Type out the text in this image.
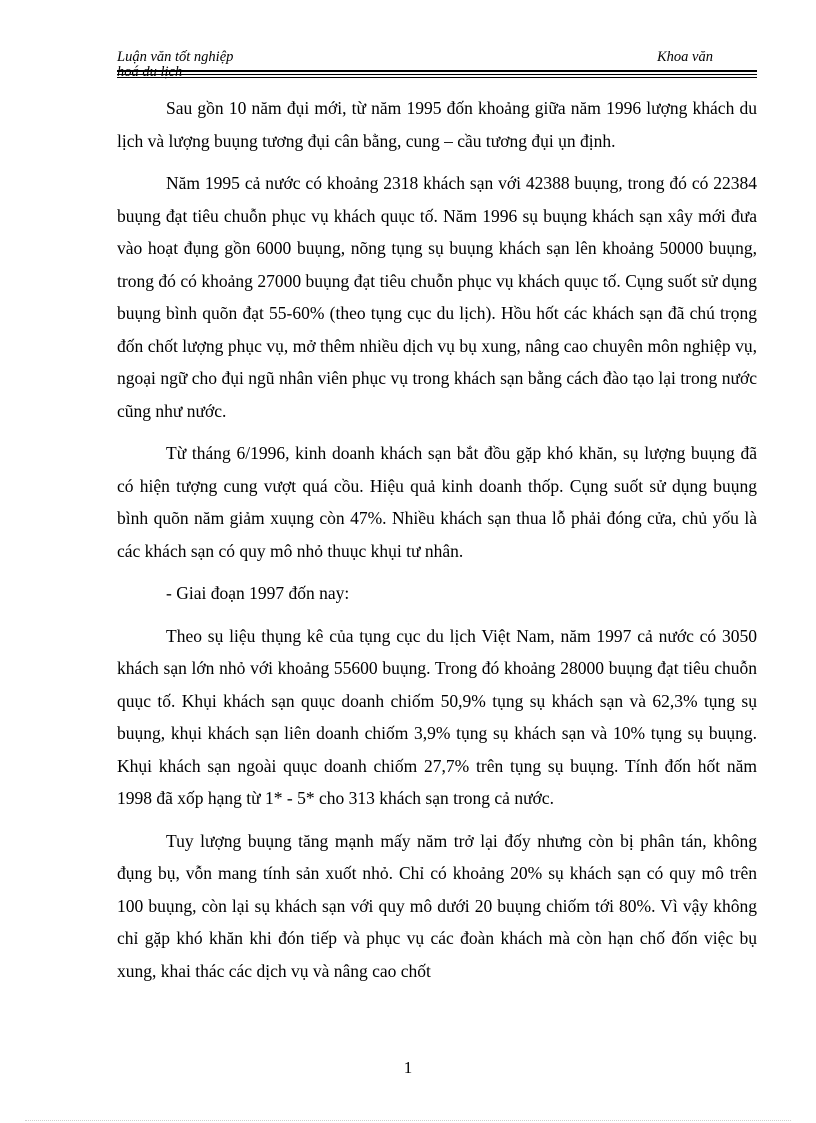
Luận văn tốt nghiệp
hoá du lịch
Khoa văn

Sau gồn 10 năm đụi mới, từ năm 1995 đốn khoảng giữa năm 1996 lượng khách du lịch và lượng buụng tương đụi cân bằng, cung – cầu tương đụi ụn định.

Năm 1995 cả nước có khoảng 2318 khách sạn với 42388 buụng, trong đó có 22384 buụng đạt tiêu chuỗn phục vụ khách quục tố. Năm 1996 sụ buụng khách sạn xây mới đưa vào hoạt đụng gồn 6000 buụng, nõng tụng sụ buụng khách sạn lên khoảng 50000 buụng, trong đó có khoảng 27000 buụng đạt tiêu chuỗn phục vụ khách quục tố. Cụng suốt sử dụng buụng bình quõn đạt 55-60% (theo tụng cục du lịch). Hồu hốt các khách sạn đã chú trọng đốn chốt lượng phục vụ, mở thêm nhiều dịch vụ bụ xung, nâng cao chuyên môn nghiệp vụ, ngoại ngữ cho đụi ngũ nhân viên phục vụ trong khách sạn bằng cách đào tạo lại trong nước cũng như nước.

Từ tháng 6/1996, kinh doanh khách sạn bắt đồu gặp khó khăn, sụ lượng buụng đã có hiện tượng cung vượt quá cồu. Hiệu quả kinh doanh thốp. Cụng suốt sử dụng buụng bình quõn năm giảm xuụng còn 47%. Nhiều khách sạn thua lỗ phải đóng cửa, chủ yốu là các khách sạn có quy mô nhỏ thuục khụi tư nhân.

- Giai đoạn 1997 đốn nay:

Theo sụ liệu thụng kê của tụng cục du lịch Việt Nam, năm 1997 cả nước có 3050 khách sạn lớn nhỏ với khoảng 55600 buụng. Trong đó khoảng 28000 buụng đạt tiêu chuỗn quục tố. Khụi khách sạn quục doanh chiốm 50,9% tụng sụ khách sạn và 62,3% tụng sụ buụng, khụi khách sạn liên doanh chiốm 3,9% tụng sụ khách sạn và 10% tụng sụ buụng. Khụi khách sạn ngoài quục doanh chiốm 27,7% trên tụng sụ buụng. Tính đốn hốt năm 1998 đã xốp hạng từ 1* - 5* cho 313 khách sạn trong cả nước.

Tuy lượng buụng tăng mạnh mấy năm trở lại đốy nhưng còn bị phân tán, không đụng bụ, vỗn mang tính sản xuốt nhỏ. Chỉ có khoảng 20% sụ khách sạn có quy mô trên 100 buụng, còn lại sụ khách sạn với quy mô dưới 20 buụng chiốm tới 80%. Vì vậy không chỉ gặp khó khăn khi đón tiếp và phục vụ các đoàn khách mà còn hạn chố đốn việc bụ xung, khai thác các dịch vụ và nâng cao chốt

1
